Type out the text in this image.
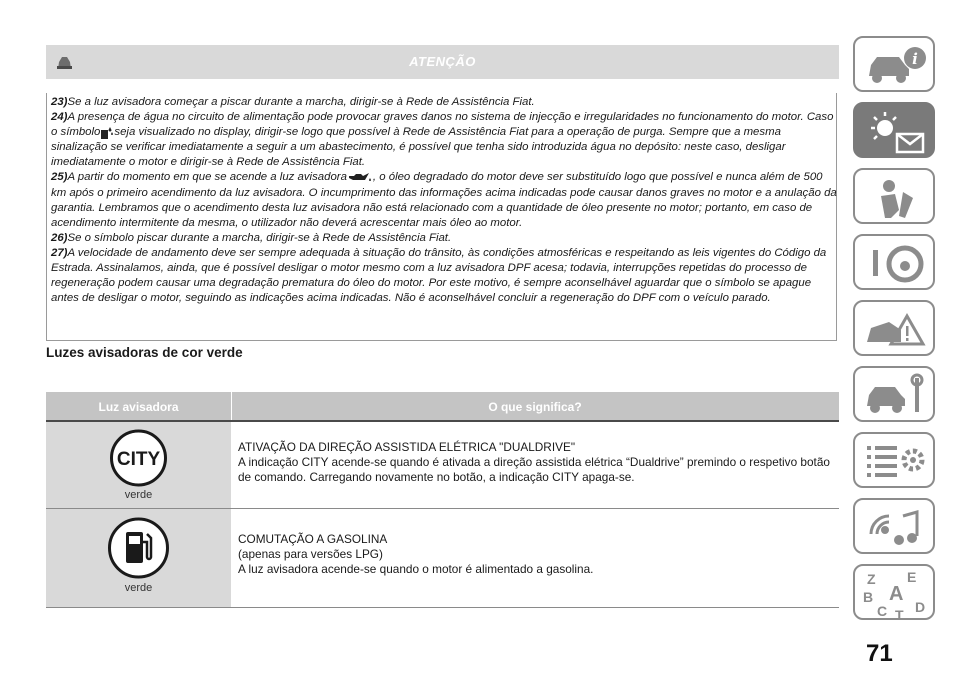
ATENÇÃO

23)Se a luz avisadora começar a piscar durante a marcha, dirigir-se à Rede de Assistência Fiat.

24)A presença de água no circuito de alimentação pode provocar graves danos no sistema de injecção e irregularidades no funcionamento do motor. Caso o símbolo seja visualizado no display, dirigir-se logo que possível à Rede de Assistência Fiat para a operação de purga. Sempre que a mesma sinalização se verificar imediatamente a seguir a um abastecimento, é possível que tenha sido introduzida água no depósito: neste caso, desligar imediatamente o motor e dirigir-se à Rede de Assistência Fiat.

25)A partir do momento em que se acende a luz avisadora , o óleo degradado do motor deve ser substituído logo que possível e nunca além de 500 km após o primeiro acendimento da luz avisadora. O incumprimento das informações acima indicadas pode causar danos graves no motor e a anulação da garantia. Lembramos que o acendimento desta luz avisadora não está relacionado com a quantidade de óleo presente no motor; portanto, em caso de acendimento intermitente da mesma, o utilizador não deverá acrescentar mais óleo ao motor.

26)Se o símbolo piscar durante a marcha, dirigir-se à Rede de Assistência Fiat.

27)A velocidade de andamento deve ser sempre adequada à situação do trânsito, às condições atmosféricas e respeitando as leis vigentes do Código da Estrada. Assinalamos, ainda, que é possível desligar o motor mesmo com a luz avisadora DPF acesa; todavia, interrupções repetidas do processo de regeneração podem causar uma degradação prematura do óleo do motor. Por este motivo, é sempre aconselhável aguardar que o símbolo se apague antes de desligar o motor, seguindo as indicações acima indicadas. Não é aconselhável concluir a regeneração do DPF com o veículo parado.

Luzes avisadoras de cor verde
Luz avisadora	O que significa?
CITY
verde
ATIVAÇÃO DA DIREÇÃO ASSISTIDA ELÉTRICA "DUALDRIVE"
A indicação CITY acende-se quando é ativada a direção assistida elétrica “Dualdrive” premindo o respetivo botão de comando. Carregando novamente no botão, a indicação CITY apaga-se.
verde
COMUTAÇÃO A GASOLINA
(apenas para versões LPG)
A luz avisadora acende-se quando o motor é alimentado a gasolina.
i
Z E
B A
C D
T
71
